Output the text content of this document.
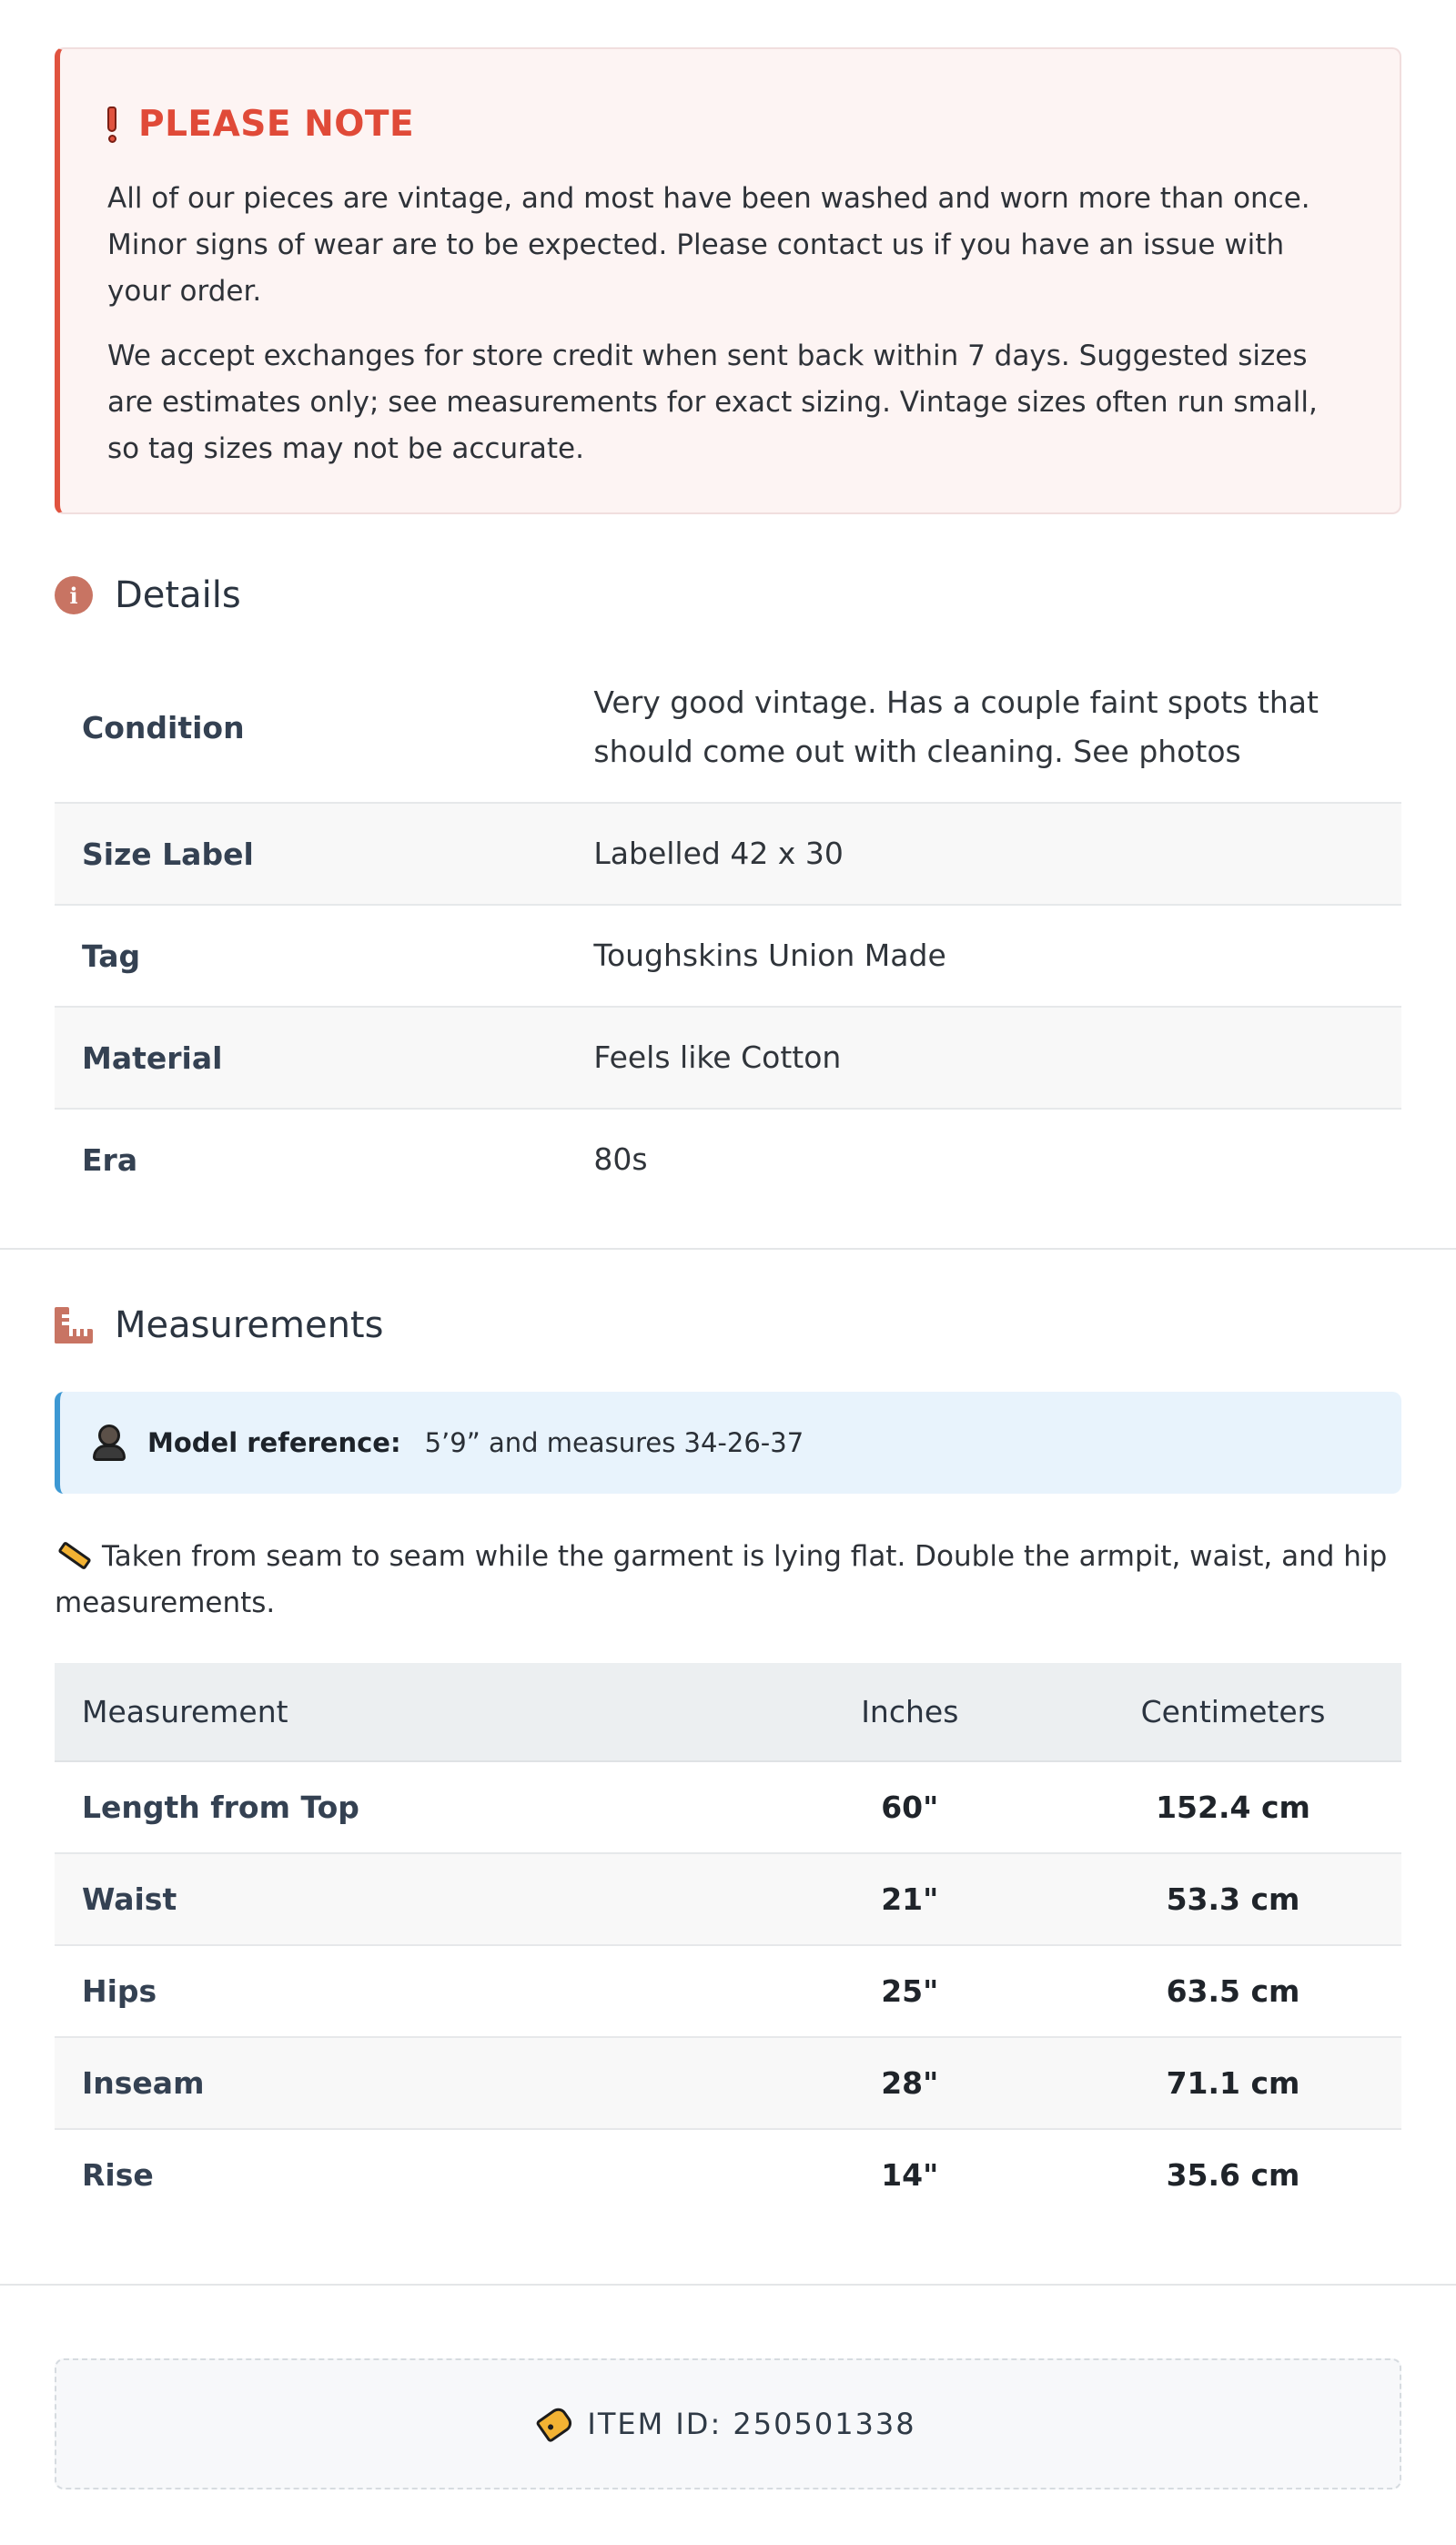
PLEASE NOTE

All of our pieces are vintage, and most have been washed and worn more than once. Minor signs of wear are to be expected. Please contact us if you have an issue with your order.

We accept exchanges for store credit when sent back within 7 days. Suggested sizes are estimates only; see measurements for exact sizing. Vintage sizes often run small, so tag sizes may not be accurate.

i	Details
Condition	Very good vintage. Has a couple faint spots that should come out with cleaning. See photos
Size Label	Labelled 42 x 30
Tag	Toughskins Union Made
Material	Feels like Cotton
Era	80s
Measurements
Model reference: 5’9” and measures 34-26-37
Taken from seam to seam while the garment is lying flat. Double the armpit, waist, and hip measurements.
Measurement	Inches	Centimeters
Length from Top	60"	152.4 cm
Waist	21"	53.3 cm
Hips	25"	63.5 cm
Inseam	28"	71.1 cm
Rise	14"	35.6 cm
ITEM ID: 250501338
